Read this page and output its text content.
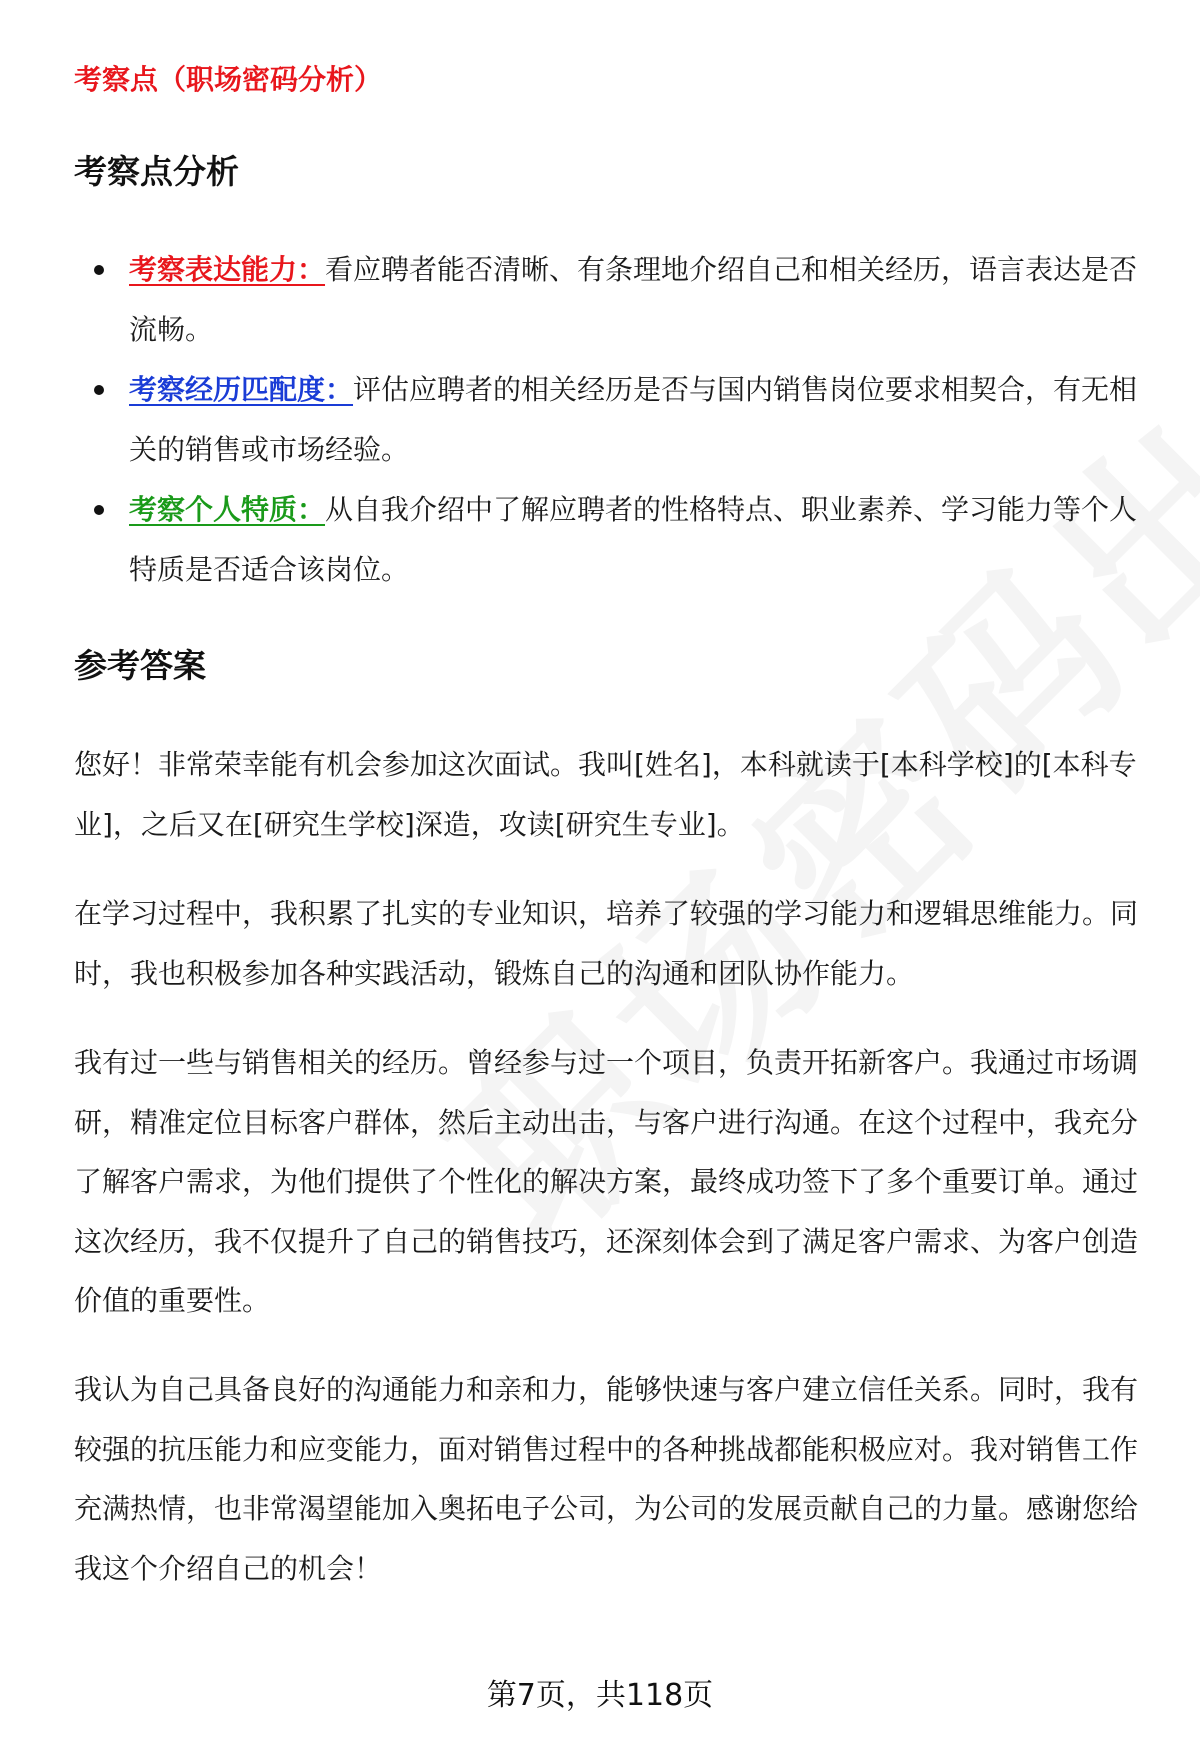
考察点（职场密码分析）
考察点分析
考察表达能力：看应聘者能否清晰、有条理地介绍自己和相关经历，语言表达是否流畅。
考察经历匹配度：评估应聘者的相关经历是否与国内销售岗位要求相契合，有无相关的销售或市场经验。
考察个人特质：从自我介绍中了解应聘者的性格特点、职业素养、学习能力等个人特质是否适合该岗位。
参考答案

您好！非常荣幸能有机会参加这次面试。我叫[姓名]，本科就读于[本科学校]的[本科专业]，之后又在[研究生学校]深造，攻读[研究生专业]。

在学习过程中，我积累了扎实的专业知识，培养了较强的学习能力和逻辑思维能力。同时，我也积极参加各种实践活动，锻炼自己的沟通和团队协作能力。

我有过一些与销售相关的经历。曾经参与过一个项目，负责开拓新客户。我通过市场调研，精准定位目标客户群体，然后主动出击，与客户进行沟通。在这个过程中，我充分了解客户需求，为他们提供了个性化的解决方案，最终成功签下了多个重要订单。通过这次经历，我不仅提升了自己的销售技巧，还深刻体会到了满足客户需求、为客户创造价值的重要性。

我认为自己具备良好的沟通能力和亲和力，能够快速与客户建立信任关系。同时，我有较强的抗压能力和应变能力，面对销售过程中的各种挑战都能积极应对。我对销售工作充满热情，也非常渴望能加入奥拓电子公司，为公司的发展贡献自己的力量。感谢您给我这个介绍自己的机会！

第7页，共118页
